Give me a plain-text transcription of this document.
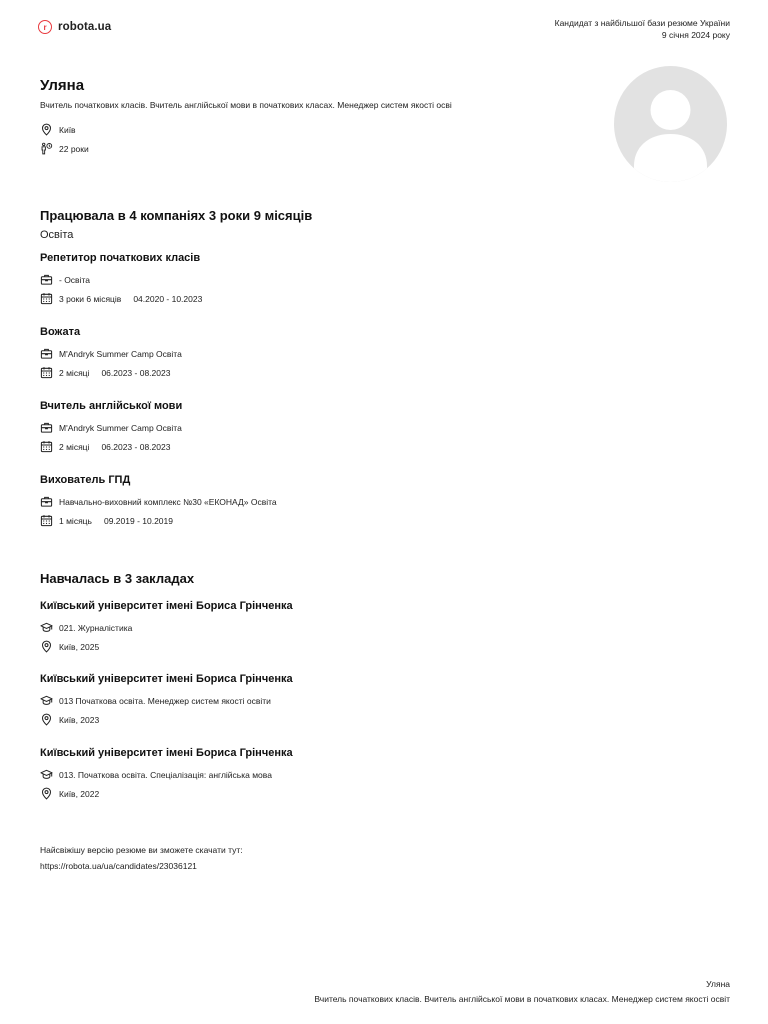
r robota.ua	Кандидат з найбільшої бази резюме України
9 січня 2024 року
Уляна
Вчитель початкових класів. Вчитель англійської мови в початкових класах. Менеджер систем якості осві
Київ
22 роки
Працювала в 4 компаніях 3 роки 9 місяців
Освіта
Репетитор початкових класів
- Освіта
3 роки 6 місяців 04.2020 - 10.2023
Вожата
M'Andryk Summer Camp Освіта
2 місяці 06.2023 - 08.2023
Вчитель англійської мови
M'Andryk Summer Camp Освіта
2 місяці 06.2023 - 08.2023
Вихователь ГПД
Навчально-виховний комплекс №30 «ЕКОНАД» Освіта
1 місяць 09.2019 - 10.2019
Навчалась в 3 закладах
Київський університет імені Бориса Грінченка
021. Журналістика
Київ, 2025
Київський університет імені Бориса Грінченка
013 Початкова освіта. Менеджер систем якості освіти
Київ, 2023
Київський університет імені Бориса Грінченка
013. Початкова освіта. Спеціалізація: англійська мова
Київ, 2022
Найсвіжішу версію резюме ви зможете скачати тут:
https://robota.ua/ua/candidates/23036121
Уляна
Вчитель початкових класів. Вчитель англійської мови в початкових класах. Менеджер систем якості освіт
